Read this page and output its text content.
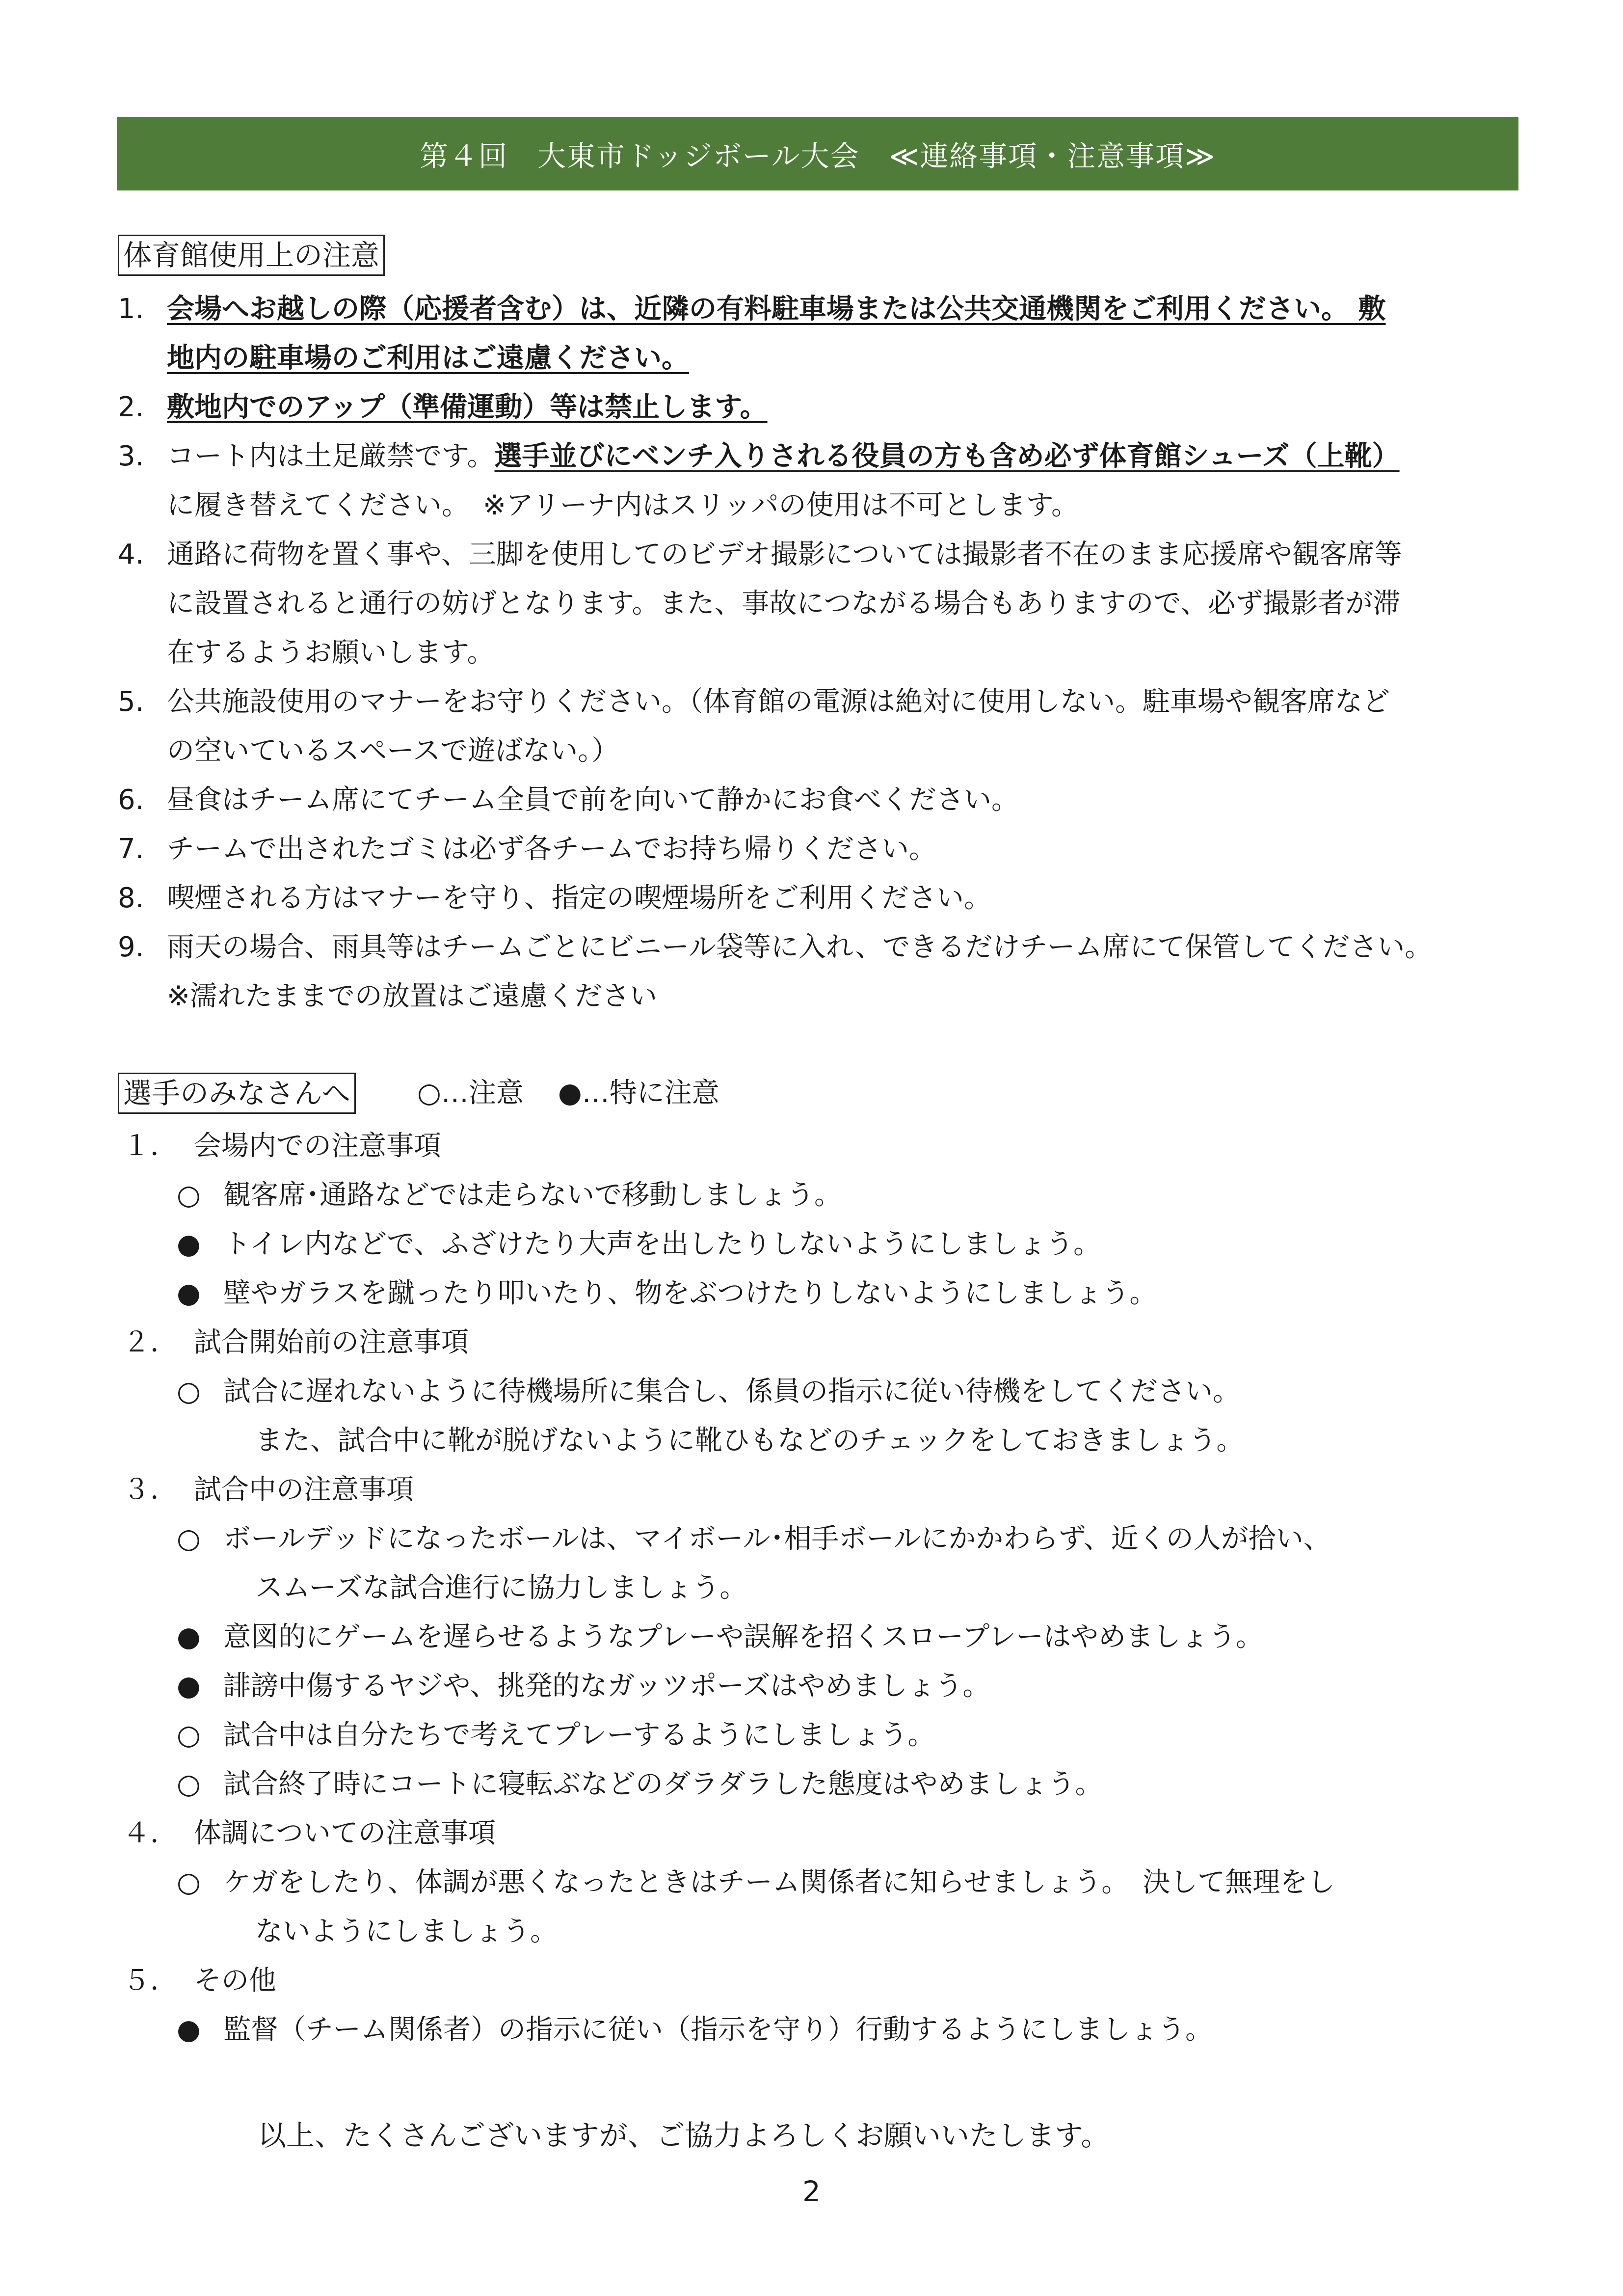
第４回　大東市ドッジボール大会　≪連絡事項・注意事項≫
体育館使用上の注意
1. 会場へお越しの際（応援者含む）は、近隣の有料駐車場または公共交通機関をご利用ください。 敷
地内の駐車場のご利用はご遠慮ください。
2. 敷地内でのアップ（準備運動）等は禁止します。
3. コート内は土足厳禁です。選手並びにベンチ入りされる役員の方も含め必ず体育館シューズ（上靴）
に履き替えてください。　※アリーナ内はスリッパの使用は不可とします。
4. 通路に荷物を置く事や、三脚を使用してのビデオ撮影については撮影者不在のまま応援席や観客席等
に設置されると通行の妨げとなります。また、事故につながる場合もありますので、必ず撮影者が滞
在するようお願いします。
5. 公共施設使用のマナーをお守りください。（体育館の電源は絶対に使用しない。駐車場や観客席など
の空いているスペースで遊ばない。）
6. 昼食はチーム席にてチーム全員で前を向いて静かにお食べください。
7. チームで出されたゴミは必ず各チームでお持ち帰りください。
8. 喫煙される方はマナーを守り、指定の喫煙場所をご利用ください。
9. 雨天の場合、雨具等はチームごとにビニール袋等に入れ、できるだけチーム席にて保管してください。
※濡れたままでの放置はご遠慮ください
選手のみなさんへ ○…注意 ●…特に注意
１． 会場内での注意事項
○ 観客席･通路などでは走らないで移動しましょう。
● トイレ内などで、ふざけたり大声を出したりしないようにしましょう。
● 壁やガラスを蹴ったり叩いたり、物をぶつけたりしないようにしましょう。
２． 試合開始前の注意事項
○ 試合に遅れないように待機場所に集合し、係員の指示に従い待機をしてください。
また、試合中に靴が脱げないように靴ひもなどのチェックをしておきましょう。
３． 試合中の注意事項
○ ボールデッドになったボールは、マイボール･相手ボールにかかわらず、近くの人が拾い、
スムーズな試合進行に協力しましょう。
● 意図的にゲームを遅らせるようなプレーや誤解を招くスロープレーはやめましょう。
● 誹謗中傷するヤジや、挑発的なガッツポーズはやめましょう。
○ 試合中は自分たちで考えてプレーするようにしましょう。
○ 試合終了時にコートに寝転ぶなどのダラダラした態度はやめましょう。
４． 体調についての注意事項
○ ケガをしたり、体調が悪くなったときはチーム関係者に知らせましょう。　決して無理をし
ないようにしましょう。
５． その他
● 監督（チーム関係者）の指示に従い（指示を守り）行動するようにしましょう。
以上、たくさんございますが、ご協力よろしくお願いいたします。
2
